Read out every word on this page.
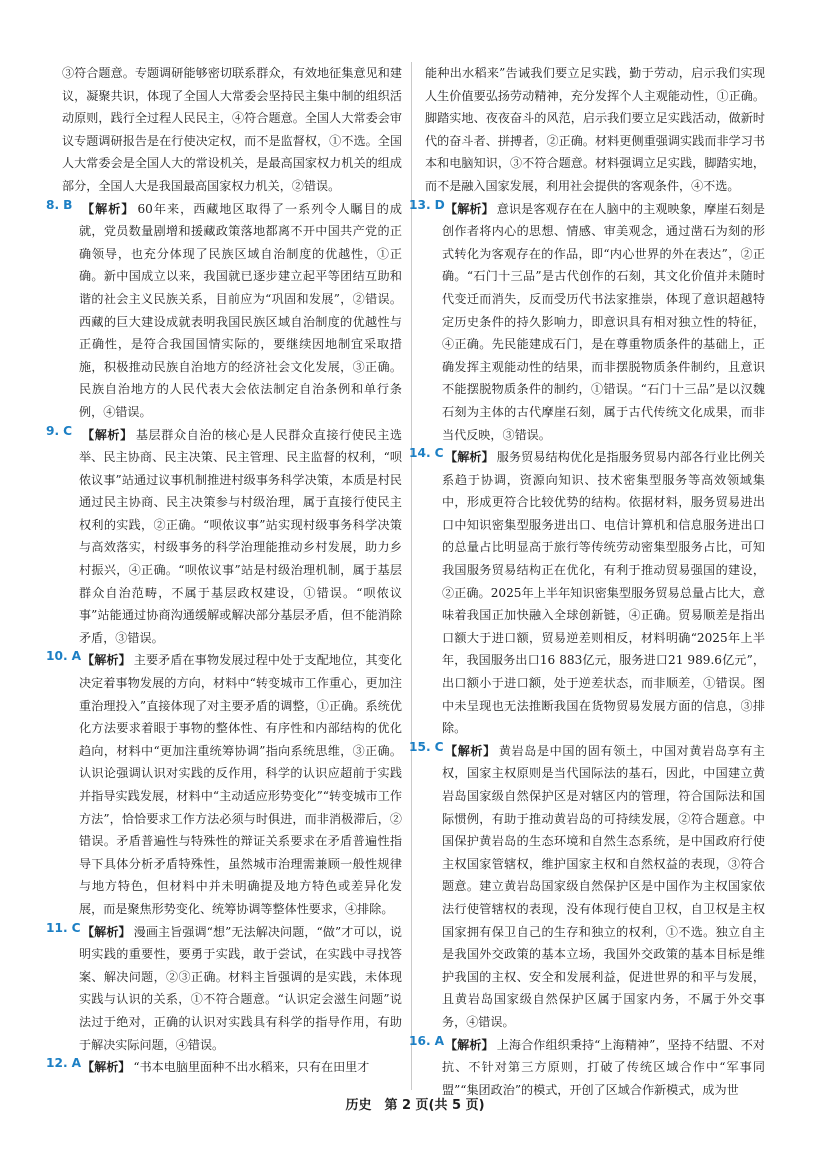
③符合题意。专题调研能够密切联系群众，有效地征集意见和建议，凝聚共识，体现了全国人大常委会坚持民主集中制的组织活动原则，践行全过程人民民主，④符合题意。全国人大常委会审议专题调研报告是在行使决定权，而不是监督权，①不选。全国人大常委会是全国人大的常设机关，是最高国家权力机关的组成部分，全国人大是我国最高国家权力机关，②错误。

8. B 【解析】 60年来，西藏地区取得了一系列令人瞩目的成就，党员数量剧增和援藏政策落地都离不开中国共产党的正确领导，也充分体现了民族区域自治制度的优越性，①正确。新中国成立以来，我国就已逐步建立起平等团结互助和谐的社会主义民族关系，目前应为“巩固和发展”，②错误。西藏的巨大建设成就表明我国民族区域自治制度的优越性与正确性，是符合我国国情实际的，要继续因地制宜采取措施，积极推动民族自治地方的经济社会文化发展，③正确。民族自治地方的人民代表大会依法制定自治条例和单行条例，④错误。

9. C 【解析】 基层群众自治的核心是人民群众直接行使民主选举、民主协商、民主决策、民主管理、民主监督的权利，“呗侬议事”站通过议事机制推进村级事务科学决策，本质是村民通过民主协商、民主决策参与村级治理，属于直接行使民主权利的实践，②正确。“呗侬议事”站实现村级事务科学决策与高效落实，村级事务的科学治理能推动乡村发展，助力乡村振兴，④正确。“呗侬议事”站是村级治理机制，属于基层群众自治范畴，不属于基层政权建设，①错误。“呗侬议事”站能通过协商沟通缓解或解决部分基层矛盾，但不能消除矛盾，③错误。

10. A 【解析】 主要矛盾在事物发展过程中处于支配地位，其变化决定着事物发展的方向，材料中“转变城市工作重心，更加注重治理投入”直接体现了对主要矛盾的调整，①正确。系统优化方法要求着眼于事物的整体性、有序性和内部结构的优化趋向，材料中“更加注重统筹协调”指向系统思维，③正确。认识论强调认识对实践的反作用，科学的认识应超前于实践并指导实践发展，材料中“主动适应形势变化”“转变城市工作方法”，恰恰要求工作方法必须与时俱进，而非消极滞后，②错误。矛盾普遍性与特殊性的辩证关系要求在矛盾普遍性指导下具体分析矛盾特殊性，虽然城市治理需兼顾一般性规律与地方特色，但材料中并未明确提及地方特色或差异化发展，而是聚焦形势变化、统筹协调等整体性要求，④排除。

11. C 【解析】 漫画主旨强调“想”无法解决问题，“做”才可以，说明实践的重要性，要勇于实践，敢于尝试，在实践中寻找答案、解决问题，②③正确。材料主旨强调的是实践，未体现实践与认识的关系，①不符合题意。“认识定会滋生问题”说法过于绝对，正确的认识对实践具有科学的指导作用，有助于解决实际问题，④错误。

12. A 【解析】 “书本电脑里面种不出水稻来，只有在田里才

能种出水稻来”告诫我们要立足实践，勤于劳动，启示我们实现人生价值要弘扬劳动精神，充分发挥个人主观能动性，①正确。脚踏实地、夜夜奋斗的风范，启示我们要立足实践活动，做新时代的奋斗者、拼搏者，②正确。材料更侧重强调实践而非学习书本和电脑知识，③不符合题意。材料强调立足实践，脚踏实地，而不是融入国家发展，利用社会提供的客观条件，④不选。

13. D 【解析】 意识是客观存在在人脑中的主观映象，摩崖石刻是创作者将内心的思想、情感、审美观念，通过凿石为刻的形式转化为客观存在的作品，即“内心世界的外在表达”，②正确。“石门十三品”是古代创作的石刻，其文化价值并未随时代变迁而消失，反而受历代书法家推崇，体现了意识超越特定历史条件的持久影响力，即意识具有相对独立性的特征，④正确。先民能建成石门，是在尊重物质条件的基础上，正确发挥主观能动性的结果，而非摆脱物质条件制约，且意识不能摆脱物质条件的制约，①错误。“石门十三品”是以汉魏石刻为主体的古代摩崖石刻，属于古代传统文化成果，而非当代反映，③错误。

14. C 【解析】 服务贸易结构优化是指服务贸易内部各行业比例关系趋于协调，资源向知识、技术密集型服务等高效领域集中，形成更符合比较优势的结构。依据材料，服务贸易进出口中知识密集型服务进出口、电信计算机和信息服务进出口的总量占比明显高于旅行等传统劳动密集型服务占比，可知我国服务贸易结构正在优化，有利于推动贸易强国的建设，②正确。2025年上半年知识密集型服务贸易总量占比大，意味着我国正加快融入全球创新链，④正确。贸易顺差是指出口额大于进口额，贸易逆差则相反，材料明确“2025年上半年，我国服务出口16 883亿元，服务进口21 989.6亿元”，出口额小于进口额，处于逆差状态，而非顺差，①错误。图中未呈现也无法推断我国在货物贸易发展方面的信息，③排除。

15. C 【解析】 黄岩岛是中国的固有领土，中国对黄岩岛享有主权，国家主权原则是当代国际法的基石，因此，中国建立黄岩岛国家级自然保护区是对辖区内的管理，符合国际法和国际惯例，有助于推动黄岩岛的可持续发展，②符合题意。中国保护黄岩岛的生态环境和自然生态系统，是中国政府行使主权国家管辖权，维护国家主权和自然权益的表现，③符合题意。建立黄岩岛国家级自然保护区是中国作为主权国家依法行使管辖权的表现，没有体现行使自卫权，自卫权是主权国家拥有保卫自己的生存和独立的权利，①不选。独立自主是我国外交政策的基本立场，我国外交政策的基本目标是维护我国的主权、安全和发展利益，促进世界的和平与发展，且黄岩岛国家级自然保护区属于国家内务，不属于外交事务，④错误。

16. A 【解析】 上海合作组织秉持“上海精神”，坚持不结盟、不对抗、不针对第三方原则，打破了传统区域合作中“军事同盟”“集团政治”的模式，开创了区域合作新模式，成为世

历史　第 2 页(共 5 页)
